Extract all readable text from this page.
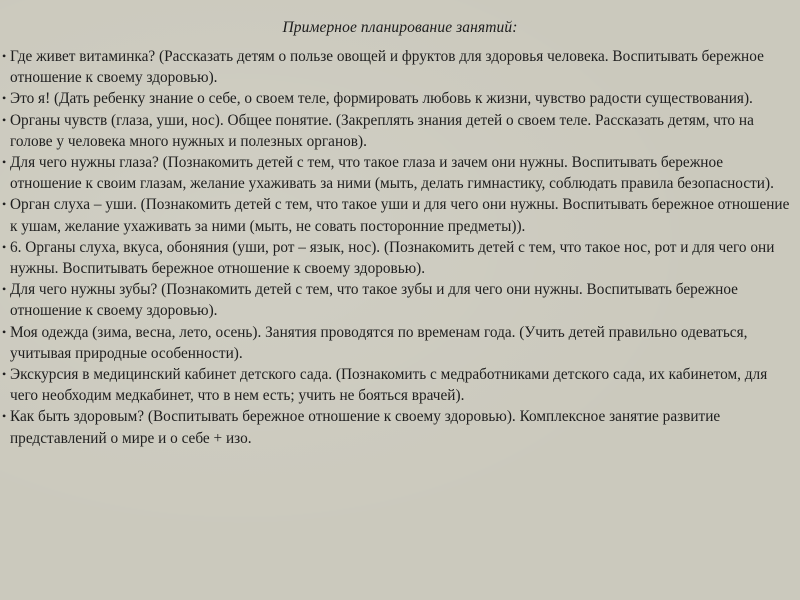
Примерное планирование занятий:
• Где живет витаминка? (Рассказать детям о пользе овощей и фруктов для здоровья человека. Воспитывать бережное отношение к своему здоровью).
• Это я! (Дать ребенку знание о себе, о своем теле, формировать любовь к жизни, чувство радости существования).
• Органы чувств (глаза, уши, нос). Общее понятие. (Закреплять знания детей о своем теле. Рассказать детям, что на голове у человека много нужных и полезных органов).
• Для чего нужны глаза? (Познакомить детей с тем, что такое глаза и зачем они нужны. Воспитывать бережное отношение к своим глазам, желание ухаживать за ними (мыть, делать гимнастику, соблюдать правила безопасности).
• Орган слуха – уши. (Познакомить детей с тем, что такое уши и для чего они нужны. Воспитывать бережное отношение к ушам, желание ухаживать за ними (мыть, не совать посторонние предметы)).
• 6. Органы слуха, вкуса, обоняния (уши, рот – язык, нос). (Познакомить детей с тем, что такое нос, рот и для чего они нужны. Воспитывать бережное отношение к своему здоровью).
• Для чего нужны зубы? (Познакомить детей с тем, что такое зубы и для чего они нужны. Воспитывать бережное отношение к своему здоровью).
• Моя одежда (зима, весна, лето, осень). Занятия проводятся по временам года. (Учить детей правильно одеваться, учитывая природные особенности).
• Экскурсия в медицинский кабинет детского сада. (Познакомить с медработниками детского сада, их кабинетом, для чего необходим медкабинет, что в нем есть; учить не бояться врачей).
• Как быть здоровым? (Воспитывать бережное отношение к своему здоровью). Комплексное занятие развитие представлений о мире и о себе + изо.
